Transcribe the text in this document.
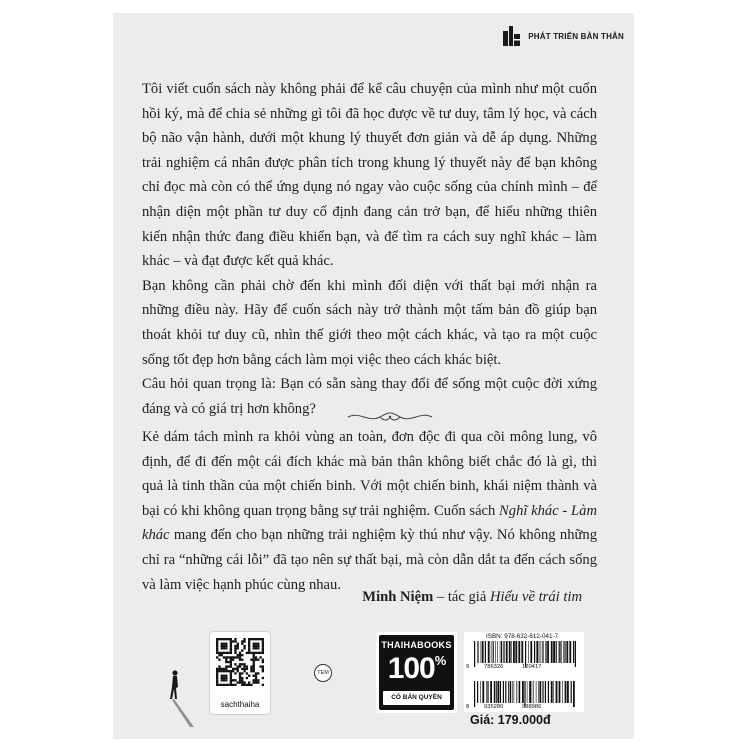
PHÁT TRIỂN BẢN THÂN

Tôi viết cuốn sách này không phải để kể câu chuyện của mình như một cuốn hồi ký, mà để chia sẻ những gì tôi đã học được về tư duy, tâm lý học, và cách bộ não vận hành, dưới một khung lý thuyết đơn giản và dễ áp dụng. Những trải nghiệm cá nhân được phân tích trong khung lý thuyết này để bạn không chỉ đọc mà còn có thể ứng dụng nó ngay vào cuộc sống của chính mình – để nhận diện một phần tư duy cố định đang cản trở bạn, để hiểu những thiên kiến nhận thức đang điều khiển bạn, và để tìm ra cách suy nghĩ khác – làm khác – và đạt được kết quả khác.

Bạn không cần phải chờ đến khi mình đối diện với thất bại mới nhận ra những điều này. Hãy để cuốn sách này trở thành một tấm bản đồ giúp bạn thoát khỏi tư duy cũ, nhìn thế giới theo một cách khác, và tạo ra một cuộc sống tốt đẹp hơn bằng cách làm mọi việc theo cách khác biệt.

Câu hỏi quan trọng là: Bạn có sẵn sàng thay đổi để sống một cuộc đời xứng đáng và có giá trị hơn không?

Kẻ dám tách mình ra khỏi vùng an toàn, đơn độc đi qua cõi mông lung, vô định, để đi đến một cái đích khác mà bản thân không biết chắc đó là gì, thì quả là tinh thần của một chiến binh. Với một chiến binh, khái niệm thành và bại có khi không quan trọng bằng sự trải nghiệm. Cuốn sách Nghĩ khác - Làm khác mang đến cho bạn những trải nghiệm kỳ thú như vậy. Nó không những chỉ ra “những cái lỗi” đã tạo nên sự thất bại, mà còn dẫn dắt ta đến cách sống và làm việc hạnh phúc cùng nhau.

Minh Niệm – tác giả Hiểu về trái tim
sachthaiha
TEM
THAIHABOOKS
100%
CÓ BẢN QUYỀN
ISBN: 978-632-612-041-7
9	786326	120417
8	935280	938986
Giá: 179.000đ
